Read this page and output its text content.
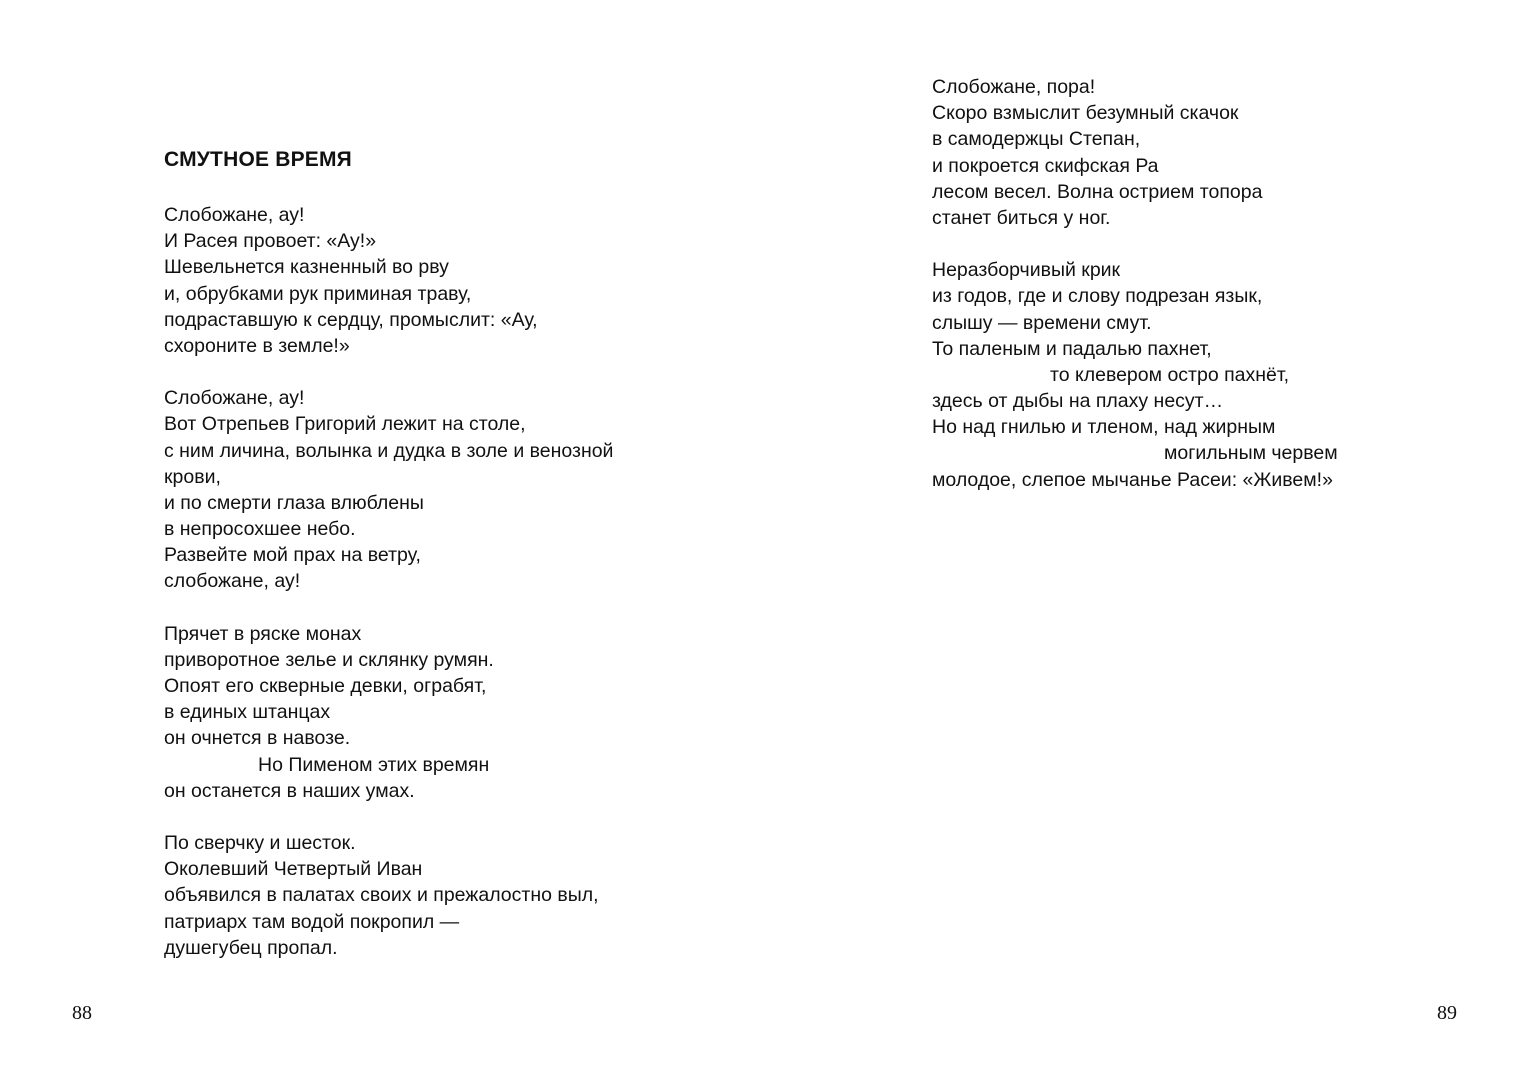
СМУТНОЕ ВРЕМЯ
Слобожане, ау!
И Расея провоет: «Ау!»
Шевельнется казненный во рву
и, обрубками рук приминая траву,
подраставшую к сердцу, промыслит: «Ау,
схороните в земле!»
Слобожане, ау!
Вот Отрепьев Григорий лежит на столе,
с ним личина, волынка и дудка в золе и венозной крови,
и по смерти глаза влюблены
в непросохшее небо.
Развейте мой прах на ветру,
слобожане, ау!
Прячет в ряске монах
приворотное зелье и склянку румян.
Опоят его скверные девки, ограбят,
в единых штанцах
он очнется в навозе.
Но Пименом этих времян
он останется в наших умах.
По сверчку и шесток.
Околевший Четвертый Иван
объявился в палатах своих и прежалостно выл,
патриарх там водой покропил —
душегубец пропал.
88
Слобожане, пора!
Скоро взмыслит безумный скачок
в самодержцы Степан,
и покроется скифская Ра
лесом весел. Волна острием топора
станет биться у ног.
Неразборчивый крик
из годов, где и слову подрезан язык,
слышу — времени смут.
То паленым и падалью пахнет,
то клевером остро пахнёт,
здесь от дыбы на плаху несут…
Но над гнилью и тленом, над жирным
могильным червем
молодое, слепое мычанье Расеи: «Живем!»
89
